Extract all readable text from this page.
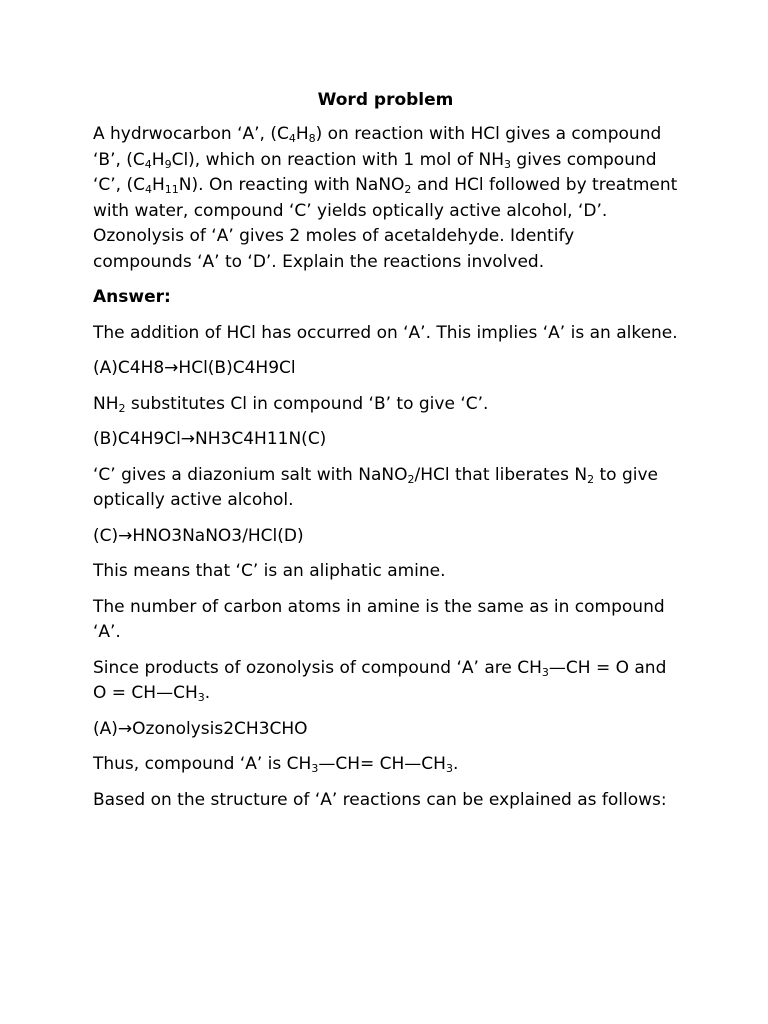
Word problem
A hydrwocarbon ‘A’, $(C_4H_8)$ on reaction with HCl gives a compound ‘B’, $(C_4H_9Cl)$, which on reaction with 1 mol of $NH_3$ gives compound ‘C’, $(C_4H_{11}N)$. On reacting with NaNO$_2$ and HCl followed by treatment with water, compound ‘C’ yields optically active alcohol, ‘D’. Ozonolysis of ‘A’ gives 2 moles of acetaldehyde. Identify compounds ‘A’ to ‘D’. Explain the reactions involved.
Answer:
The addition of HCl has occurred on ‘A’. This implies ‘A’ is an alkene.
(A)C4H8→HCl(B)C4H9Cl
$NH_2$ substitutes Cl in compound ‘B’ to give ‘C’.
(B)C4H9Cl→NH3C4H11N(C)
‘C’ gives a diazonium salt with NaNO$_2$/HCl that liberates $N_2$ to give optically active alcohol.
(C)→HNO3NaNO3/HCl(D)
This means that ‘C’ is an aliphatic amine.
The number of carbon atoms in amine is the same as in compound ‘A’.
Since products of ozonolysis of compound ‘A’ are $CH_3—CH = O$ and $O = CH—CH_3$.
(A)→Ozonolysis2CH3CHO
Thus, compound ‘A’ is $CH_3—CH=$ $CH—CH_3$.
Based on the structure of ‘A’ reactions can be explained as follows:
